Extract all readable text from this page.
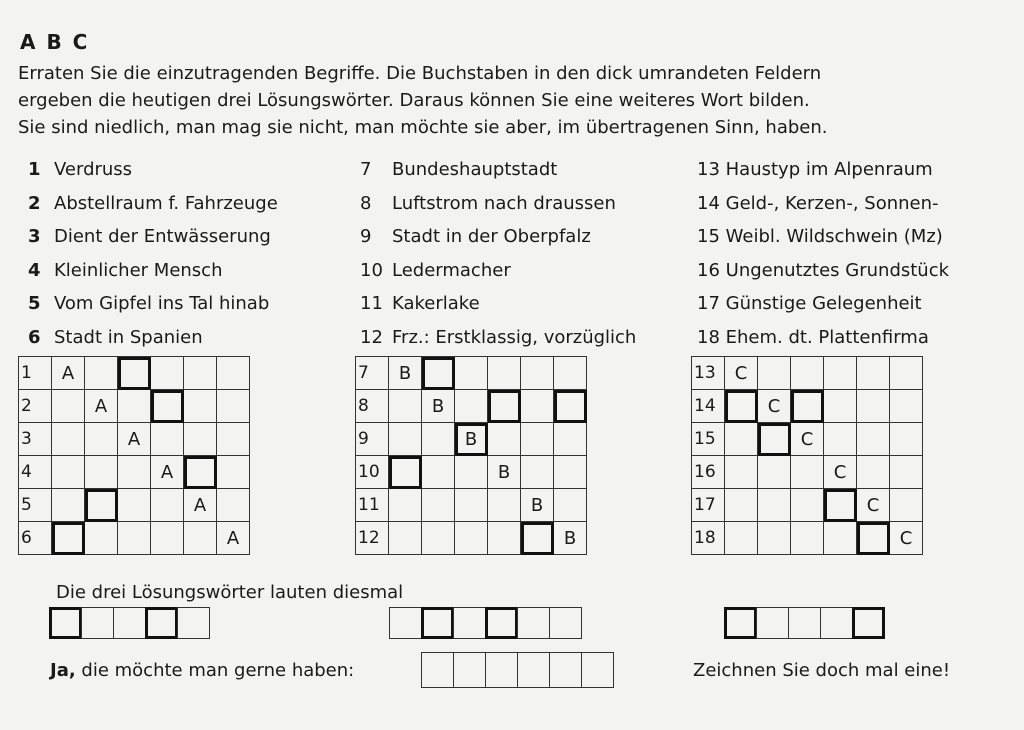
A B C
Erraten Sie die einzutragenden Begriffe. Die Buchstaben in den dick umrandeten Feldern
ergeben die heutigen drei Lösungswörter. Daraus können Sie eine weiteres Wort bilden.
Sie sind niedlich, man mag sie nicht, man möchte sie aber, im übertragenen Sinn, haben.
1 Verdruss
2 Abstellraum f. Fahrzeuge
3 Dient der Entwässerung
4 Kleinlicher Mensch
5 Vom Gipfel ins Tal hinab
6 Stadt in Spanien
7 Bundeshauptstadt
8 Luftstrom nach draussen
9 Stadt in der Oberpfalz
10 Ledermacher
11 Kakerlake
12 Frz.: Erstklassig, vorzüglich
13 Haustyp im Alpenraum
14 Geld-, Kerzen-, Sonnen-
15 Weibl. Wildschwein (Mz)
16 Ungenutztes Grundstück
17 Günstige Gelegenheit
18 Ehem. dt. Plattenfirma
1	A					
2		A				
3			A			
4				A		
5					A	
6						A
7	B					
8		B				
9			B			
10				B		
11					B	
12						B
13	C					
14		C				
15			C			
16				C		
17					C	
18						C
Die drei Lösungswörter lauten diesmal
Ja, die möchte man gerne haben:	Zeichnen Sie doch mal eine!
